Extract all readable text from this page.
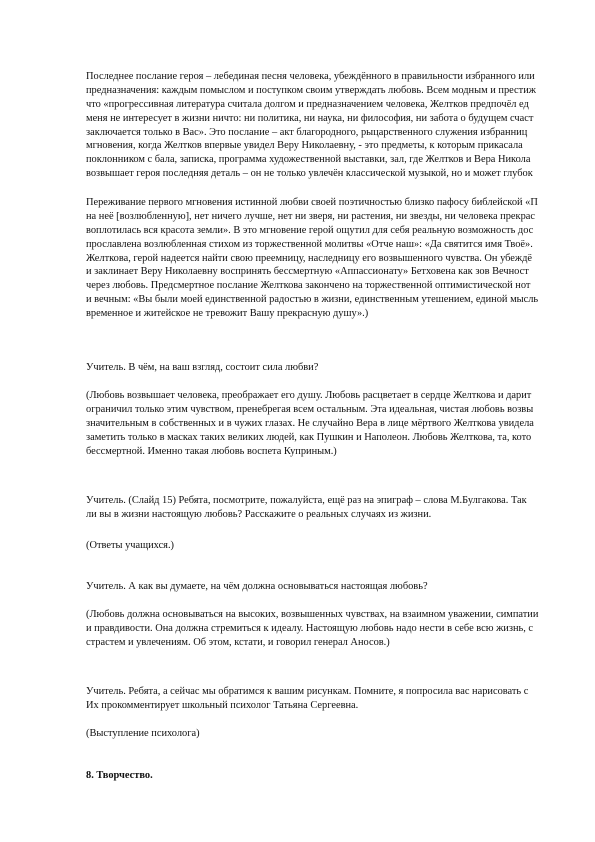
Последнее послание героя – лебединая песня человека, убеждённого в правильности избранного или
предназначения: каждым помыслом и поступком своим утверждать любовь. Всем модным и престиж
что «прогрессивная литература считала долгом и предназначением человека, Желтков предпочёл ед
меня не интересует в жизни ничто: ни политика, ни наука, ни философия, ни забота о будущем счаст
заключается только в Вас». Это послание – акт благородного, рыцарственного служения избранниц
мгновения, когда Желтков впервые увидел Веру Николаевну, - это предметы, к которым прикасала
поклонником с бала, записка, программа художественной выставки, зал, где Желтков и Вера Никола
возвышает героя последняя деталь – он не только увлечён классической музыкой, но и может глубок
Переживание первого мгновения истинной любви своей поэтичностью близко пафосу библейской «П
на неё [возлюбленную], нет ничего лучше, нет ни зверя, ни растения, ни звезды, ни человека прекрас
воплотилась вся красота земли». В это мгновение герой ощутил для себя реальную возможность дос
прославлена возлюбленная стихом из торжественной молитвы «Отче наш»: «Да святится имя Твоё».
Желткова, герой надеется найти свою преемницу, наследницу его возвышенного чувства. Он убеждё
и заклинает Веру Николаевну воспринять бессмертную «Аппассионату» Бетховена как зов Вечност
через любовь. Предсмертное послание Желткова закончено на торжественной оптимистической нот
и вечным: «Вы были моей единственной радостью в жизни, единственным утешением, единой мысль
временное и житейское не тревожит Вашу прекрасную душу».)
Учитель. В чём, на ваш взгляд, состоит сила любви?
(Любовь возвышает человека, преображает его душу. Любовь расцветает в сердце Желткова и дарит
ограничил только этим чувством, пренебрегая всем остальным. Эта идеальная, чистая любовь возвы
значительным в собственных и в чужих глазах. Не случайно Вера в лице мёртвого Желткова увидела
заметить только в масках таких великих людей, как Пушкин и Наполеон. Любовь Желткова, та, кото
бессмертной. Именно такая любовь воспета Куприным.)
Учитель. (Слайд 15) Ребята, посмотрите, пожалуйста, ещё раз на эпиграф – слова М.Булгакова. Так
ли вы в жизни настоящую любовь? Расскажите о реальных случаях из жизни.
(Ответы учащихся.)
Учитель. А как вы думаете, на чём должна основываться настоящая любовь?
(Любовь должна основываться на высоких, возвышенных чувствах, на взаимном уважении, симпатии
и правдивости. Она должна стремиться к идеалу. Настоящую любовь надо нести в себе всю жизнь, с
страстем и увлечениям. Об этом, кстати, и говорил генерал Аносов.)
Учитель. Ребята, а сейчас мы обратимся к вашим рисункам. Помните, я попросила вас нарисовать с
Их прокомментирует школьный психолог Татьяна Сергеевна.
(Выступление психолога)
8. Творчество.
